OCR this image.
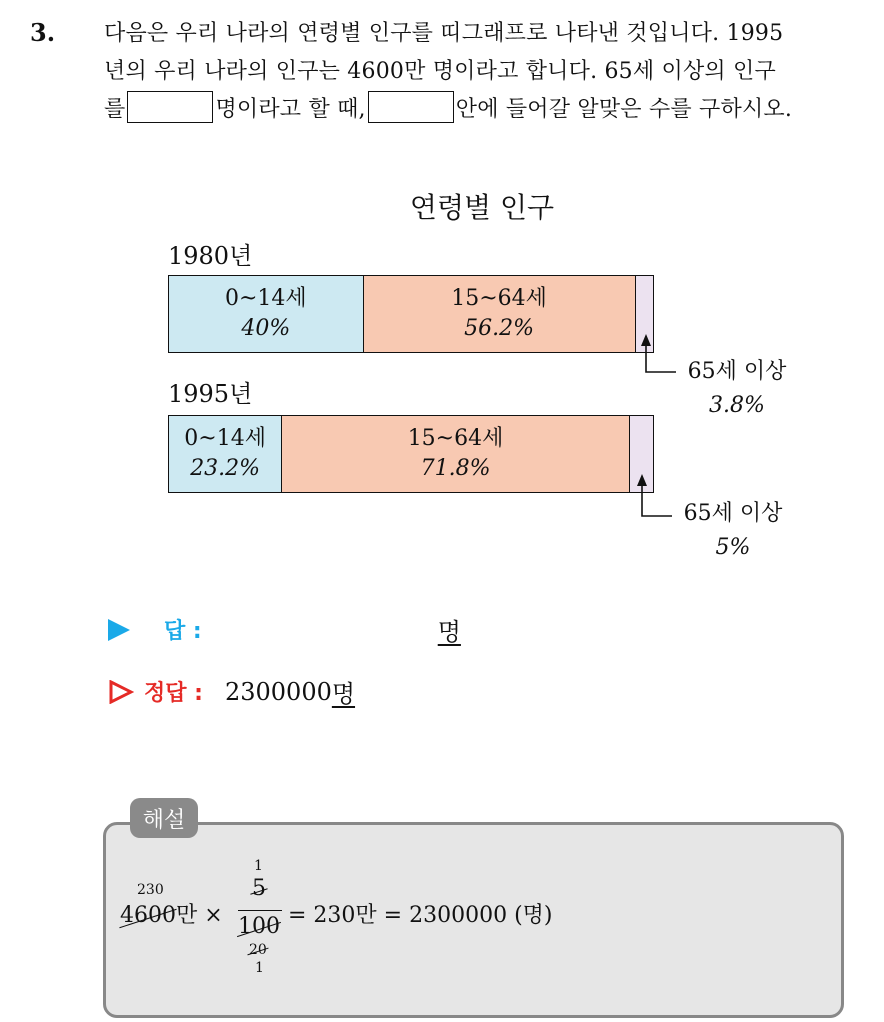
3. 다음은 우리 나라의 연령별 인구를 띠그래프로 나타낸 것입니다. 1995
년의 우리 나라의 인구는 4600만 명이라고 합니다. 65세 이상의 인구
를	명이라고 할 때,	안에 들어갈 알맞은 수를 구하시오.
연령별 인구
1980년
0~14세
40%
15~64세
56.2%
1995년
0~14세
23.2%
15~64세
71.8%
65세 이상
3.8%
65세 이상
5%
답 :	명
정답 : 2300000 명
해설
230
4600만 ×
1
5
100
20
1
= 230만 = 2300000 (명)
